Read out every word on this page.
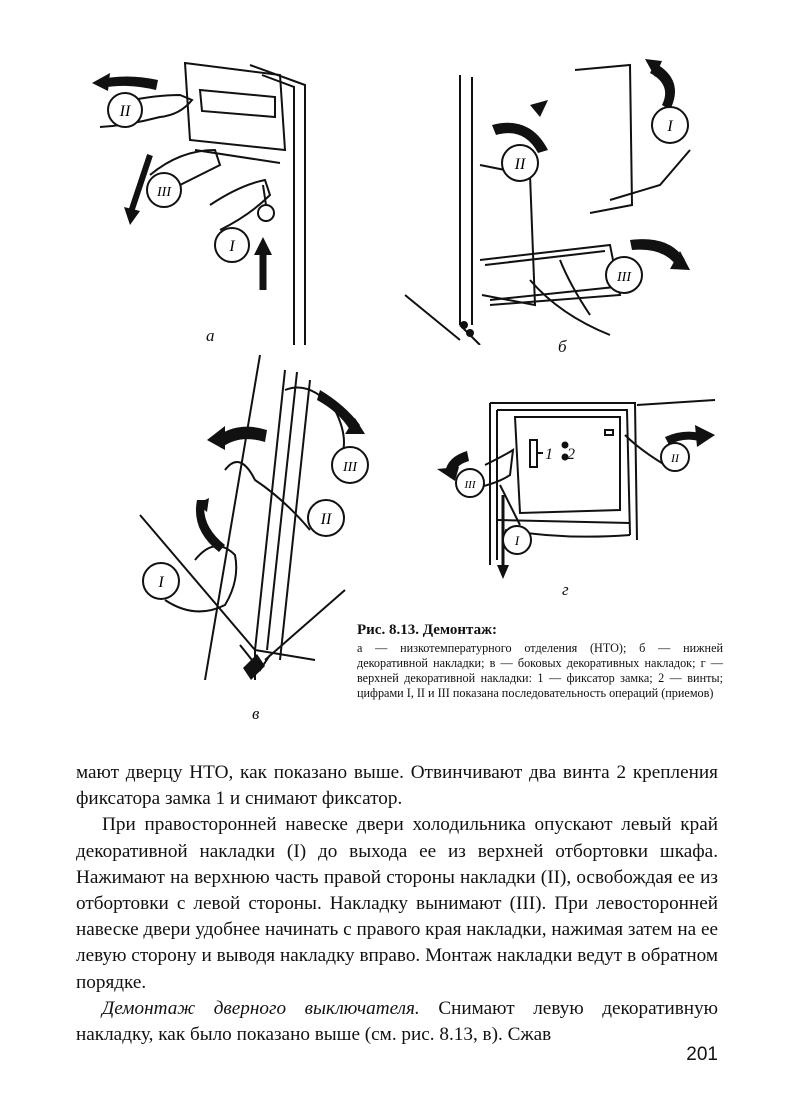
II
III
I
а
II
I
III
б
III
II
I
в
1 2
III
I
II
г
Рис. 8.13. Демонтаж:
а — низкотемпературного отделения (НТО); б — нижней декоративной накладки; в — боковых декоративных накладок; г — верхней декоративной накладки: 1 — фиксатор замка; 2 — винты; цифрами I, II и III показана последовательность операций (приемов)

мают дверцу НТО, как показано выше. Отвинчивают два винта 2 крепления фиксатора замка 1 и снимают фиксатор.

При правосторонней навеске двери холодильника опускают левый край декоративной накладки (I) до выхода ее из верхней отбортовки шкафа. Нажимают на верхнюю часть правой стороны накладки (II), освобождая ее из отбортовки с левой стороны. Накладку вынимают (III). При левосторонней навеске двери удобнее начинать с правого края накладки, нажимая затем на ее левую сторону и выводя накладку вправо. Монтаж накладки ведут в обратном порядке.

Демонтаж дверного выключателя. Снимают левую декоративную накладку, как было показано выше (см. рис. 8.13, в). Сжав

201
